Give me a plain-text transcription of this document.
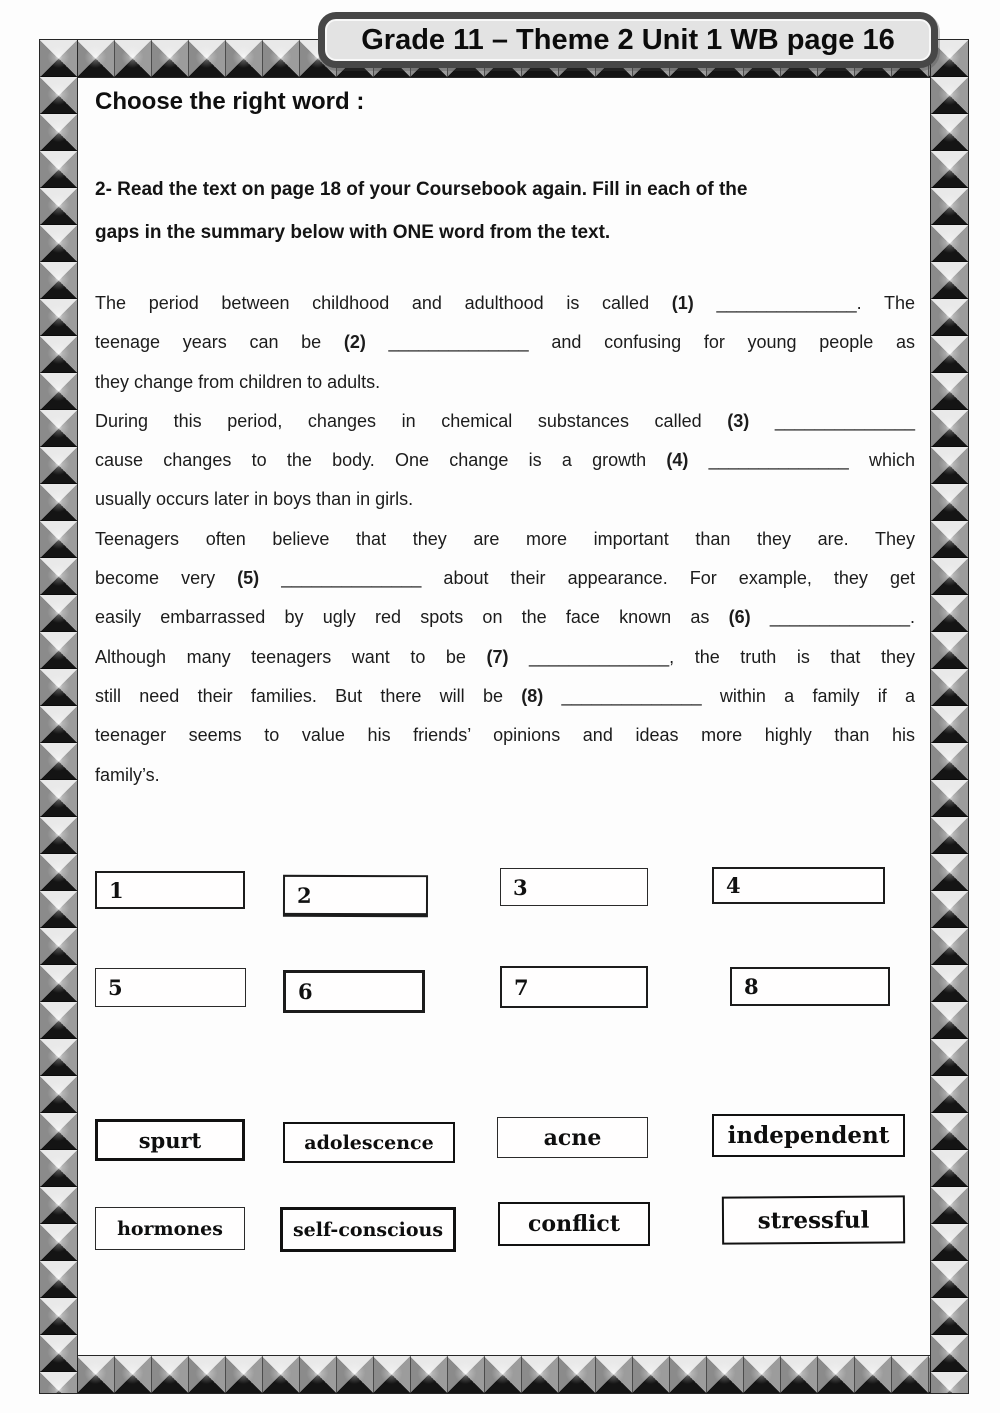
Grade 11 – Theme 2 Unit 1 WB page 16
Choose the right word :
2- Read the text on page 18 of your Coursebook again. Fill in each of the
gaps in the summary below with ONE word from the text.
The period between childhood and adulthood is called (1) ______________. The
teenage years can be (2) ______________ and confusing for young people as
they change from children to adults.
During this period, changes in chemical substances called (3) ______________
cause changes to the body. One change is a growth (4) ______________ which
usually occurs later in boys than in girls.
Teenagers often believe that they are more important than they are. They
become very (5) ______________ about their appearance. For example, they get
easily embarrassed by ugly red spots on the face known as (6) ______________.
Although many teenagers want to be (7) ______________, the truth is that they
still need their families. But there will be (8) ______________ within a family if a
teenager seems to value his friends’ opinions and ideas more highly than his
family’s.
1	2	3	4
5	6	7	8
spurt	adolescence	acne	independent
hormones	self-conscious	conflict	stressful
